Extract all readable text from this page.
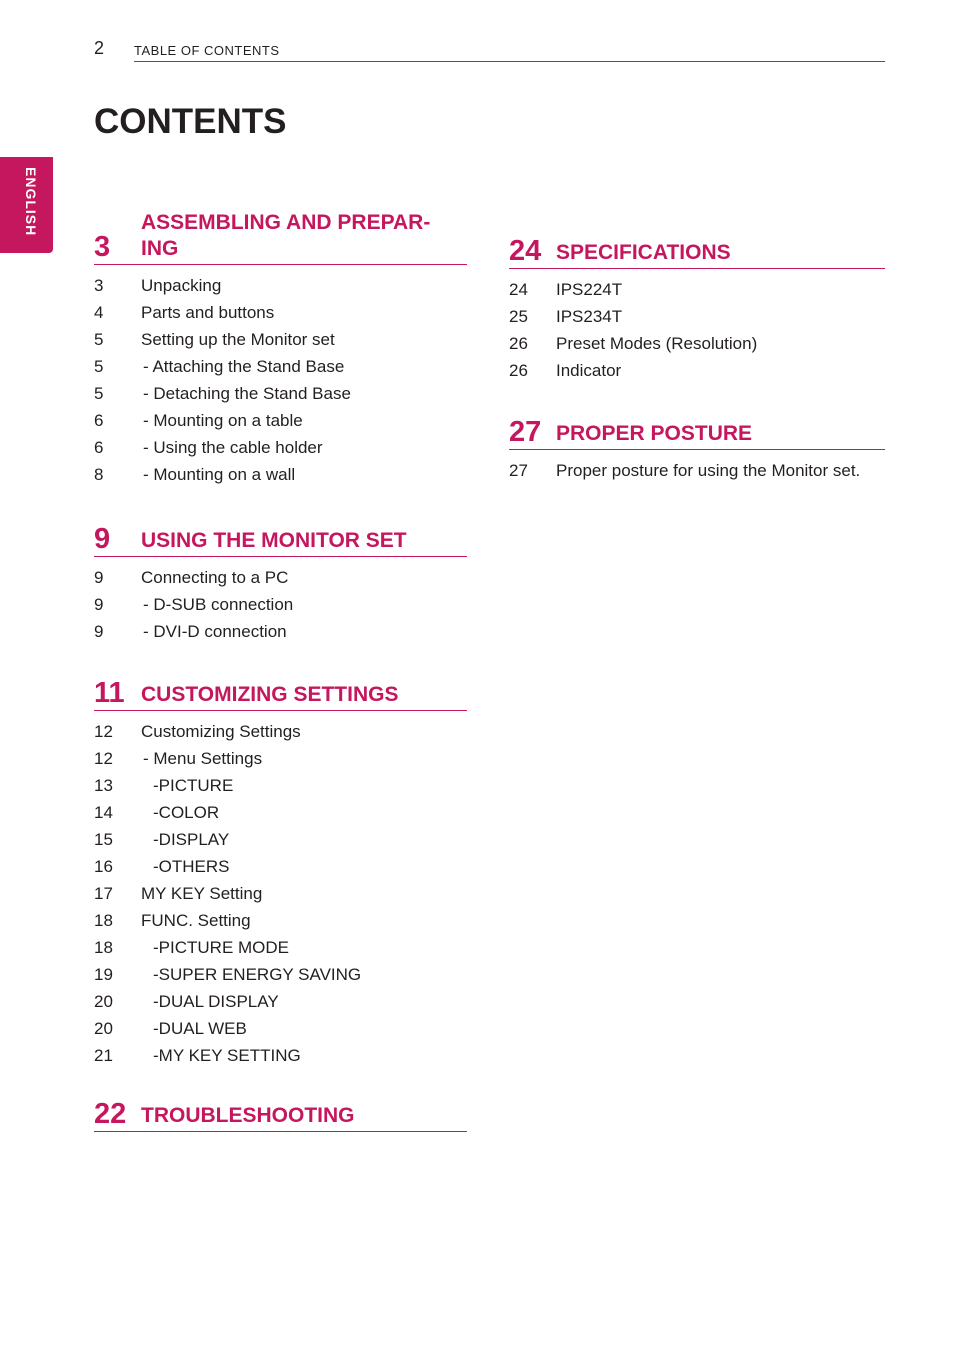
2 TABLE OF CONTENTS
ENGLISH
CONTENTS
3
ASSEMBLING AND PREPAR-
ING
3 Unpacking
4 Parts and buttons
5 Setting up the Monitor set
5	- Attaching the Stand Base
5	- Detaching the Stand Base
6	- Mounting on a table
6	- Using the cable holder
8	- Mounting on a wall
9 USING THE MONITOR SET
9 Connecting to a PC
9	- D-SUB connection
9	- DVI-D connection
11 CUSTOMIZING SETTINGS
12 Customizing Settings
12	- Menu Settings
13	- PICTURE
14	- COLOR
15	- DISPLAY
16	- OTHERS
17 MY KEY Setting
18 FUNC. Setting
18	- PICTURE MODE
19	- SUPER ENERGY SAVING
20	- DUAL DISPLAY
20	- DUAL WEB
21	- MY KEY SETTING
22 TROUBLESHOOTING
24 SPECIFICATIONS
24 IPS224T
25 IPS234T
26 Preset Modes (Resolution)
26 Indicator
27 PROPER POSTURE
27 Proper posture for using the Monitor set.
